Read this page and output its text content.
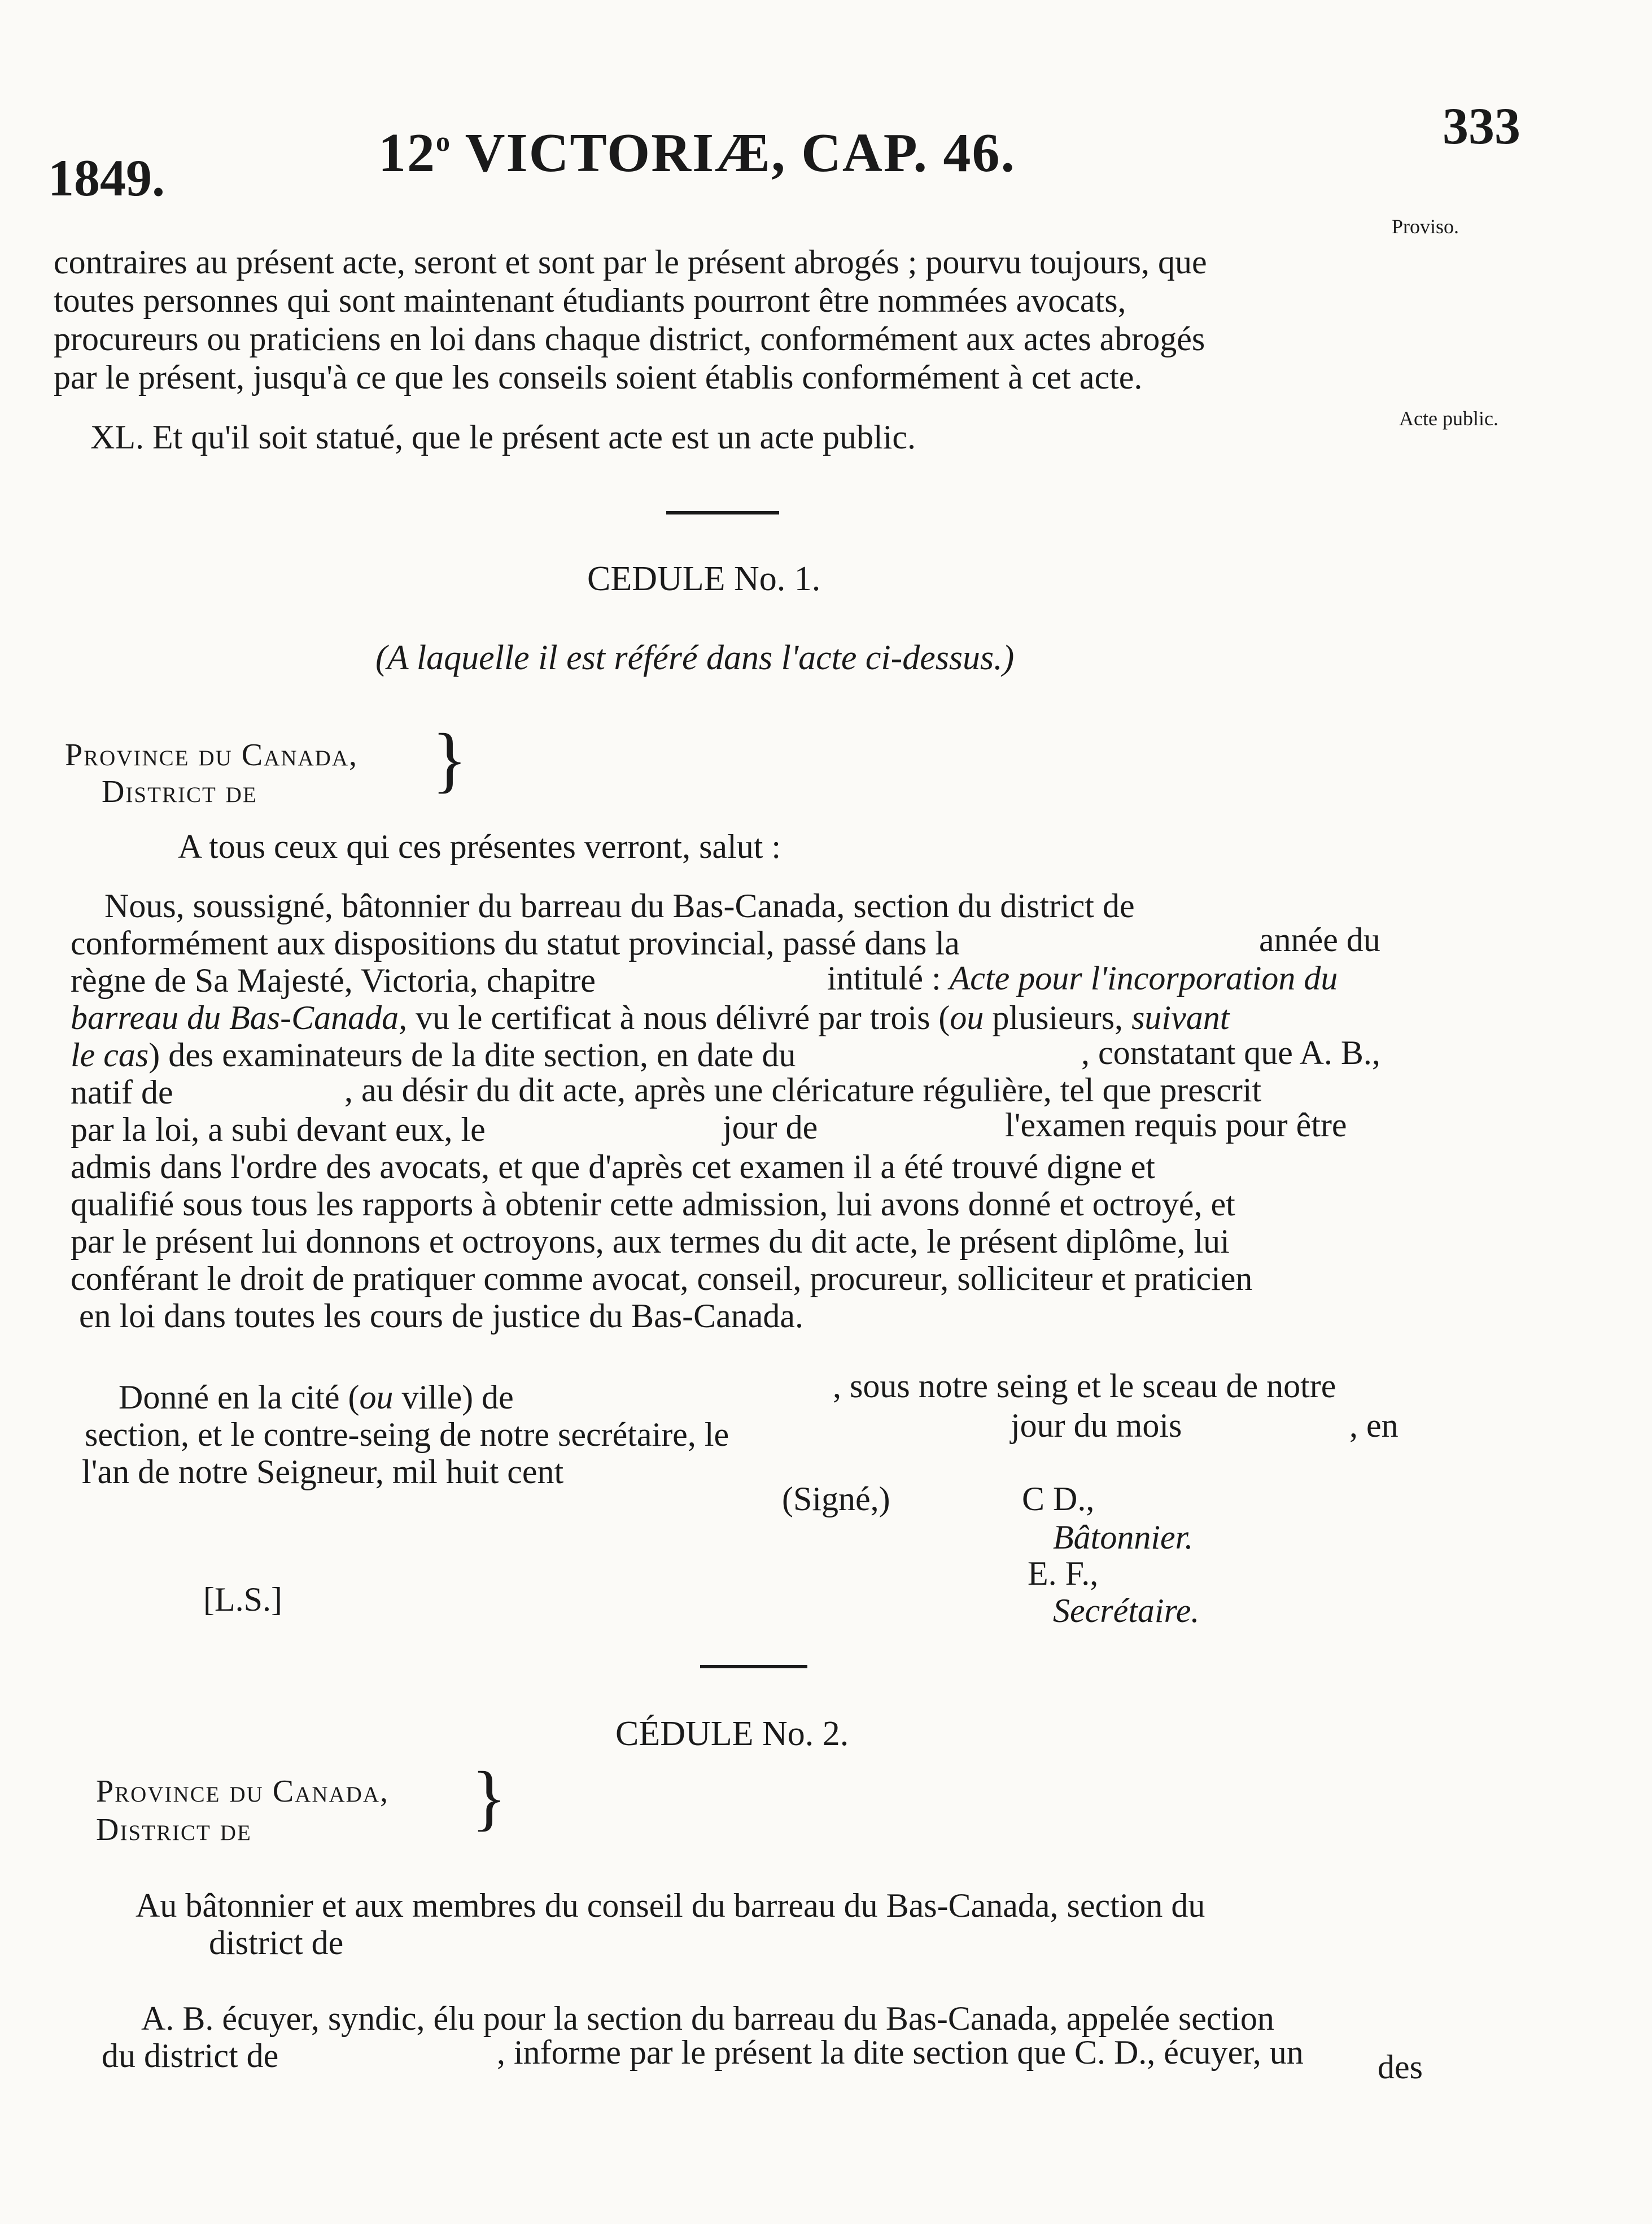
1849.	12$^o$ VICTORIÆ, CAP. 46.	333
Proviso.
Acte public.
contraires au présent acte, seront et sont par le présent abrogés ; pourvu toujours, que
toutes personnes qui sont maintenant étudiants pourront être nommées avocats,
procureurs ou praticiens en loi dans chaque district, conformément aux actes abrogés
par le présent, jusqu'à ce que les conseils soient établis conformément à cet acte.
XL. Et qu'il soit statué, que le présent acte est un acte public.
CEDULE No. 1.
(A laquelle il est référé dans l'acte ci-dessus.)
Province du Canada,
District de }
A tous ceux qui ces présentes verront, salut :
Nous, soussigné, bâtonnier du barreau du Bas-Canada, section du district de
conformément aux dispositions du statut provincial, passé dans la	année du
règne de Sa Majesté, Victoria, chapitre	intitulé : Acte pour l'incorporation du
barreau du Bas-Canada, vu le certificat à nous délivré par trois (ou plusieurs, suivant
le cas) des examinateurs de la dite section, en date du	, constatant que A. B.,
natif de	, au désir du dit acte, après une cléricature régulière, tel que prescrit
par la loi, a subi devant eux, le	jour de	l'examen requis pour être
admis dans l'ordre des avocats, et que d'après cet examen il a été trouvé digne et
qualifié sous tous les rapports à obtenir cette admission, lui avons donné et octroyé, et
par le présent lui donnons et octroyons, aux termes du dit acte, le présent diplôme, lui
conférant le droit de pratiquer comme avocat, conseil, procureur, solliciteur et praticien
en loi dans toutes les cours de justice du Bas-Canada.
Donné en la cité (ou ville) de	, sous notre seing et le sceau de notre
section, et le contre-seing de notre secrétaire, le	jour du mois	, en
l'an de notre Seigneur, mil huit cent
(Signé,)	C D.,
Bâtonnier.
E. F.,
Secrétaire.
[L.S.]
CÉDULE No. 2.
Province du Canada,
District de	}
Au bâtonnier et aux membres du conseil du barreau du Bas-Canada, section du
district de
A. B. écuyer, syndic, élu pour la section du barreau du Bas-Canada, appelée section
du district de	, informe par le présent la dite section que C. D., écuyer, un des
